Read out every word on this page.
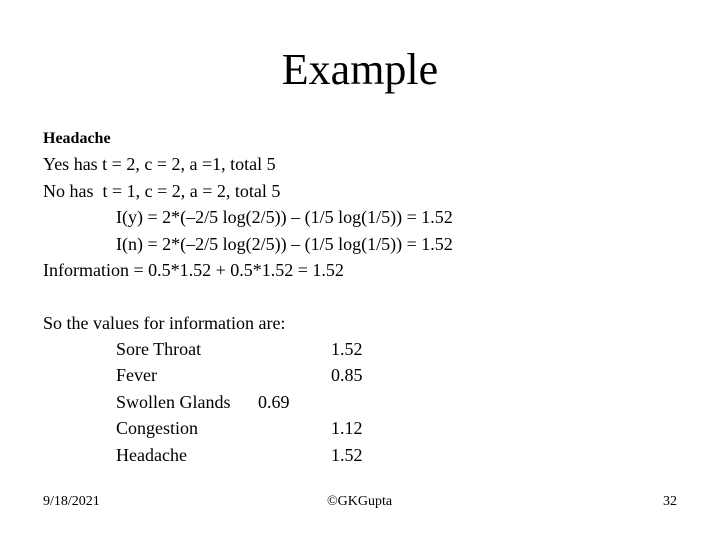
Example
Headache
Yes has t = 2, c = 2, a =1, total 5
No has  t = 1, c = 2, a = 2, total 5
I(y) = 2*(–2/5 log(2/5)) – (1/5 log(1/5)) = 1.52
I(n) = 2*(–2/5 log(2/5)) – (1/5 log(1/5)) = 1.52
Information = 0.5*1.52 + 0.5*1.52 = 1.52
So the values for information are:
Sore Throat	1.52
Fever	0.85
Swollen Glands 0.69
Congestion	1.12
Headache	1.52
9/18/2021	©GKGupta	32
